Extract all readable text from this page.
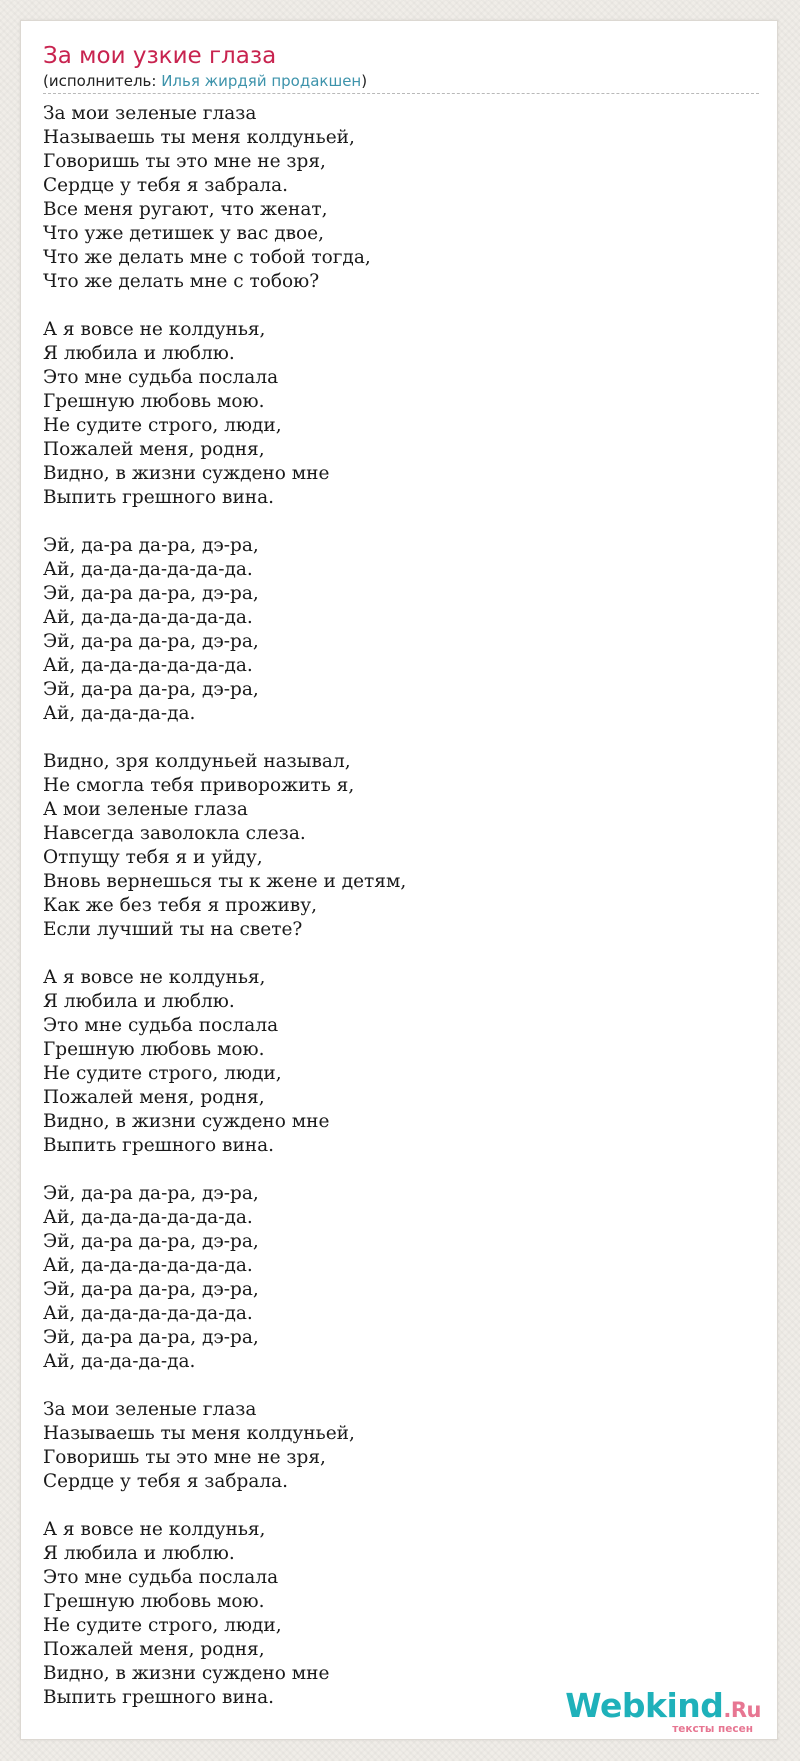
За мои узкие глаза
(исполнитель: Илья жирдяй продакшен)
За мои зеленые глаза
Называешь ты меня колдуньей,
Говоришь ты это мне не зря,
Сердце у тебя я забрала.
Все меня ругают, что женат,
Что уже детишек у вас двое,
Что же делать мне с тобой тогда,
Что же делать мне с тобою?
А я вовсе не колдунья,
Я любила и люблю.
Это мне судьба послала
Грешную любовь мою.
Не судите строго, люди,
Пожалей меня, родня,
Видно, в жизни суждено мне
Выпить грешного вина.
Эй, да-ра да-ра, дэ-ра,
Ай, да-да-да-да-да-да.
Эй, да-ра да-ра, дэ-ра,
Ай, да-да-да-да-да-да.
Эй, да-ра да-ра, дэ-ра,
Ай, да-да-да-да-да-да.
Эй, да-ра да-ра, дэ-ра,
Ай, да-да-да-да.
Видно, зря колдуньей называл,
Не смогла тебя приворожить я,
А мои зеленые глаза
Навсегда заволокла слеза.
Отпущу тебя я и уйду,
Вновь вернешься ты к жене и детям,
Как же без тебя я проживу,
Если лучший ты на свете?
А я вовсе не колдунья,
Я любила и люблю.
Это мне судьба послала
Грешную любовь мою.
Не судите строго, люди,
Пожалей меня, родня,
Видно, в жизни суждено мне
Выпить грешного вина.
Эй, да-ра да-ра, дэ-ра,
Ай, да-да-да-да-да-да.
Эй, да-ра да-ра, дэ-ра,
Ай, да-да-да-да-да-да.
Эй, да-ра да-ра, дэ-ра,
Ай, да-да-да-да-да-да.
Эй, да-ра да-ра, дэ-ра,
Ай, да-да-да-да.
За мои зеленые глаза
Называешь ты меня колдуньей,
Говоришь ты это мне не зря,
Сердце у тебя я забрала.
А я вовсе не колдунья,
Я любила и люблю.
Это мне судьба послала
Грешную любовь мою.
Не судите строго, люди,
Пожалей меня, родня,
Видно, в жизни суждено мне
Выпить грешного вина.	Webkind.Ru
тексты песен
